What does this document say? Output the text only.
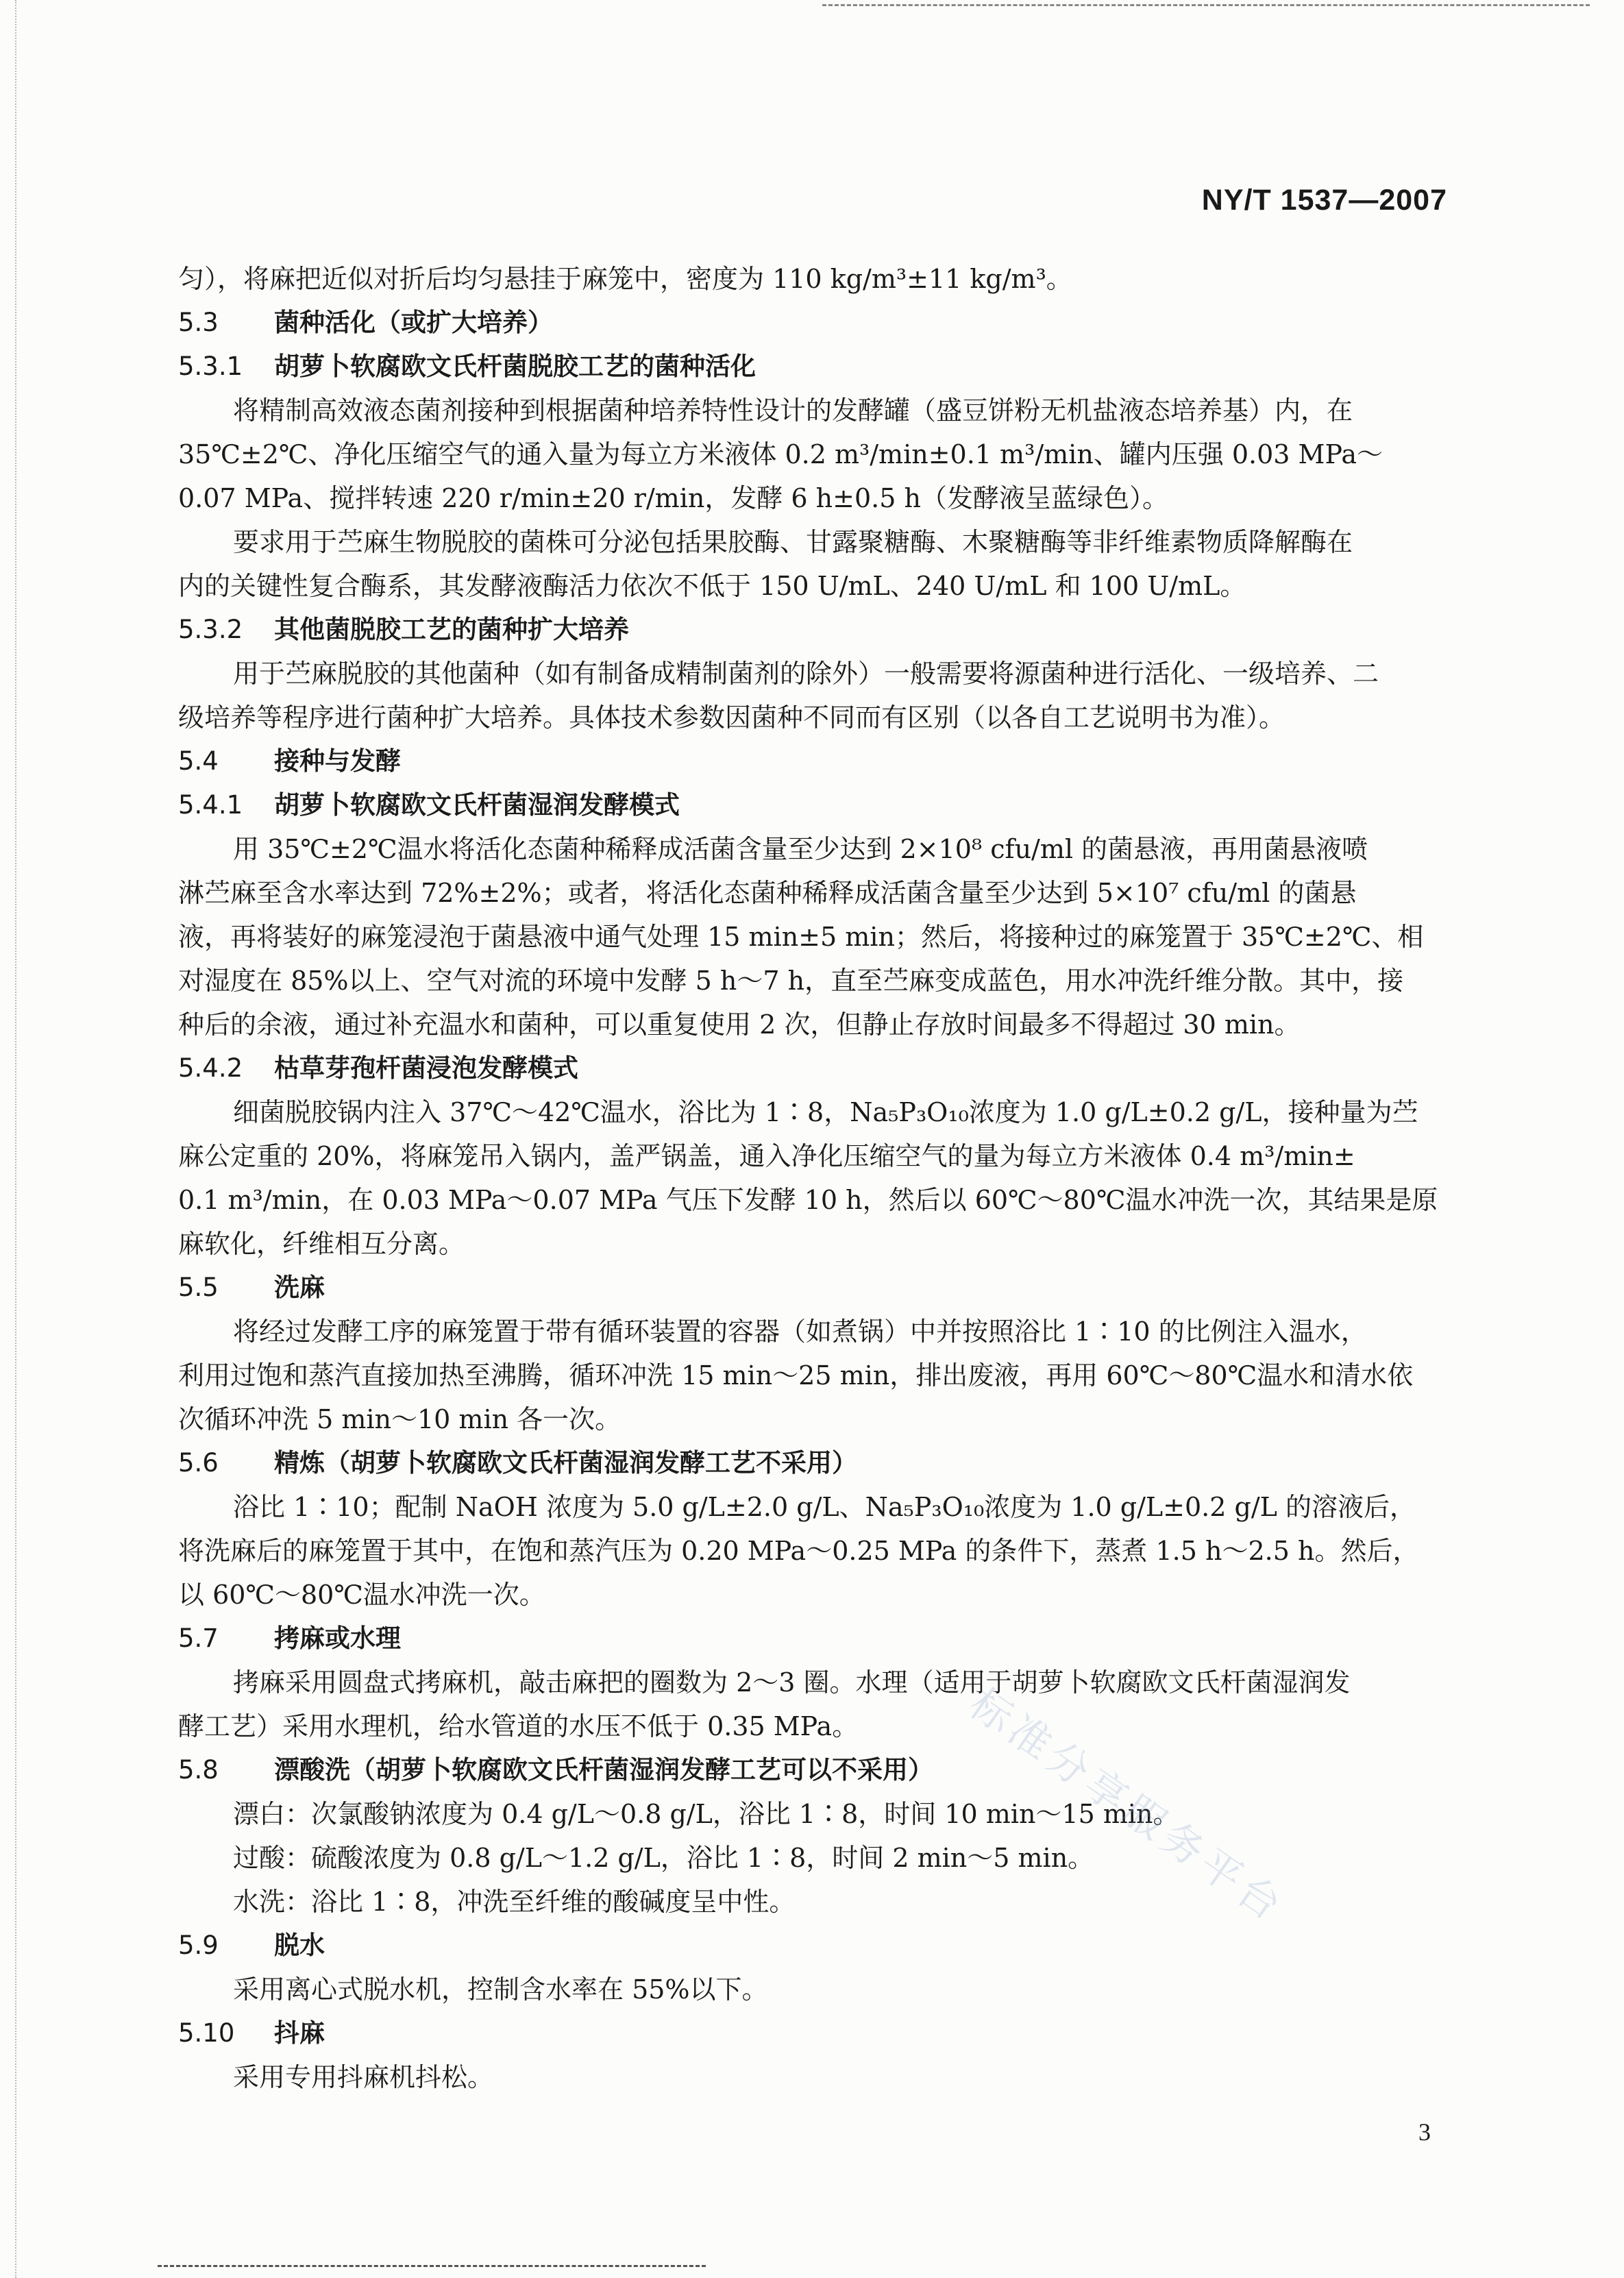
NY/T 1537—2007
匀），将麻把近似对折后均匀悬挂于麻笼中，密度为 110 kg/m³±11 kg/m³。
5.3 菌种活化（或扩大培养）
5.3.1 胡萝卜软腐欧文氏杆菌脱胶工艺的菌种活化
将精制高效液态菌剂接种到根据菌种培养特性设计的发酵罐（盛豆饼粉无机盐液态培养基）内，在
35℃±2℃、净化压缩空气的通入量为每立方米液体 0.2 m³/min±0.1 m³/min、罐内压强 0.03 MPa～
0.07 MPa、搅拌转速 220 r/min±20 r/min，发酵 6 h±0.5 h（发酵液呈蓝绿色）。
要求用于苎麻生物脱胶的菌株可分泌包括果胶酶、甘露聚糖酶、木聚糖酶等非纤维素物质降解酶在
内的关键性复合酶系，其发酵液酶活力依次不低于 150 U/mL、240 U/mL 和 100 U/mL。
5.3.2 其他菌脱胶工艺的菌种扩大培养
用于苎麻脱胶的其他菌种（如有制备成精制菌剂的除外）一般需要将源菌种进行活化、一级培养、二
级培养等程序进行菌种扩大培养。具体技术参数因菌种不同而有区别（以各自工艺说明书为准）。
5.4 接种与发酵
5.4.1 胡萝卜软腐欧文氏杆菌湿润发酵模式
用 35℃±2℃温水将活化态菌种稀释成活菌含量至少达到 2×10⁸ cfu/ml 的菌悬液，再用菌悬液喷
淋苎麻至含水率达到 72%±2%；或者，将活化态菌种稀释成活菌含量至少达到 5×10⁷ cfu/ml 的菌悬
液，再将装好的麻笼浸泡于菌悬液中通气处理 15 min±5 min；然后，将接种过的麻笼置于 35℃±2℃、相
对湿度在 85%以上、空气对流的环境中发酵 5 h～7 h，直至苎麻变成蓝色，用水冲洗纤维分散。其中，接
种后的余液，通过补充温水和菌种，可以重复使用 2 次，但静止存放时间最多不得超过 30 min。
5.4.2 枯草芽孢杆菌浸泡发酵模式
细菌脱胶锅内注入 37℃～42℃温水，浴比为 1∶8，Na₅P₃O₁₀浓度为 1.0 g/L±0.2 g/L，接种量为苎
麻公定重的 20%，将麻笼吊入锅内，盖严锅盖，通入净化压缩空气的量为每立方米液体 0.4 m³/min±
0.1 m³/min，在 0.03 MPa～0.07 MPa 气压下发酵 10 h，然后以 60℃～80℃温水冲洗一次，其结果是原
麻软化，纤维相互分离。
5.5 洗麻
将经过发酵工序的麻笼置于带有循环装置的容器（如煮锅）中并按照浴比 1∶10 的比例注入温水，
利用过饱和蒸汽直接加热至沸腾，循环冲洗 15 min～25 min，排出废液，再用 60℃～80℃温水和清水依
次循环冲洗 5 min～10 min 各一次。
5.6 精炼（胡萝卜软腐欧文氏杆菌湿润发酵工艺不采用）
浴比 1∶10；配制 NaOH 浓度为 5.0 g/L±2.0 g/L、Na₅P₃O₁₀浓度为 1.0 g/L±0.2 g/L 的溶液后，
将洗麻后的麻笼置于其中，在饱和蒸汽压为 0.20 MPa～0.25 MPa 的条件下，蒸煮 1.5 h～2.5 h。然后，
以 60℃～80℃温水冲洗一次。
5.7 拷麻或水理
拷麻采用圆盘式拷麻机，敲击麻把的圈数为 2～3 圈。水理（适用于胡萝卜软腐欧文氏杆菌湿润发
酵工艺）采用水理机，给水管道的水压不低于 0.35 MPa。
5.8 漂酸洗（胡萝卜软腐欧文氏杆菌湿润发酵工艺可以不采用）
漂白：次氯酸钠浓度为 0.4 g/L～0.8 g/L，浴比 1∶8，时间 10 min～15 min。
过酸：硫酸浓度为 0.8 g/L～1.2 g/L，浴比 1∶8，时间 2 min～5 min。
水洗：浴比 1∶8，冲洗至纤维的酸碱度呈中性。
5.9 脱水
采用离心式脱水机，控制含水率在 55%以下。
5.10 抖麻
采用专用抖麻机抖松。
标准分享服务平台
3
